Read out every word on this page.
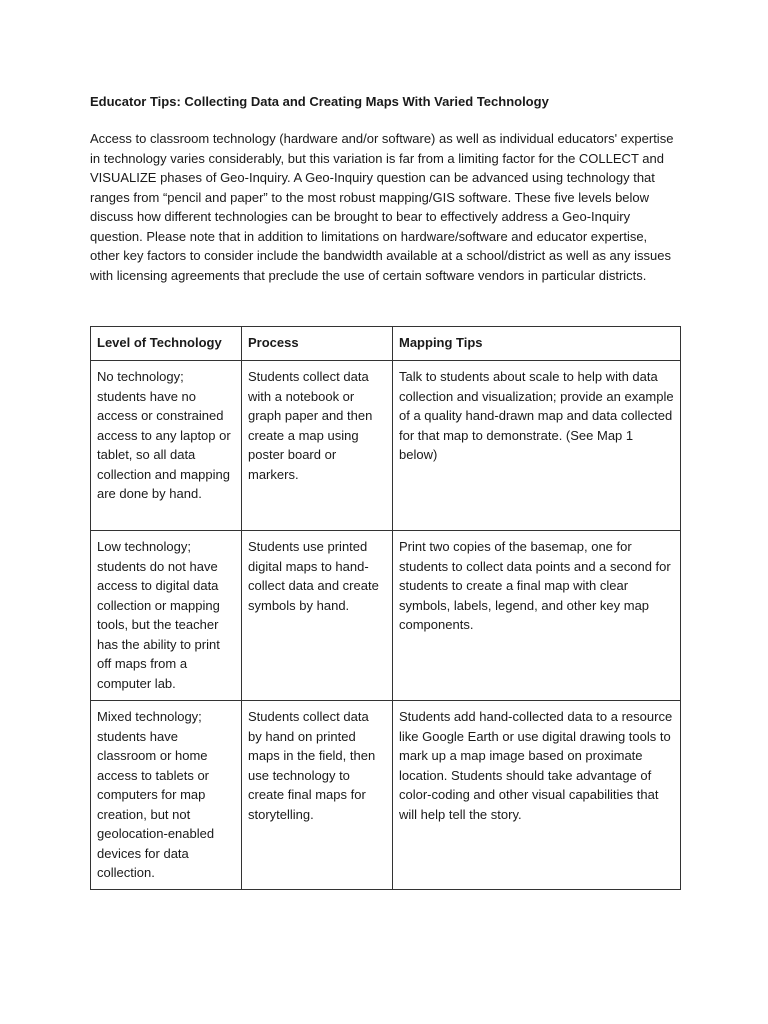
Educator Tips: Collecting Data and Creating Maps With Varied Technology

Access to classroom technology (hardware and/or software) as well as individual educators' expertise in technology varies considerably, but this variation is far from a limiting factor for the COLLECT and VISUALIZE phases of Geo-Inquiry. A Geo-Inquiry question can be advanced using technology that ranges from “pencil and paper” to the most robust mapping/GIS software. These five levels below discuss how different technologies can be brought to bear to effectively address a Geo-Inquiry question. Please note that in addition to limitations on hardware/software and educator expertise, other key factors to consider include the bandwidth available at a school/district as well as any issues with licensing agreements that preclude the use of certain software vendors in particular districts.

Level of Technology	Process	Mapping Tips
No technology; students have no access or constrained access to any laptop or tablet, so all data collection and mapping are done by hand.	Students collect data with a notebook or graph paper and then create a map using poster board or markers.	Talk to students about scale to help with data collection and visualization; provide an example of a quality hand-drawn map and data collected for that map to demonstrate. (See Map 1 below)
Low technology; students do not have access to digital data collection or mapping tools, but the teacher has the ability to print off maps from a computer lab.	Students use printed digital maps to hand-collect data and create symbols by hand.	Print two copies of the basemap, one for students to collect data points and a second for students to create a final map with clear symbols, labels, legend, and other key map components.
Mixed technology; students have classroom or home access to tablets or computers for map creation, but not geolocation-enabled devices for data collection.	Students collect data by hand on printed maps in the field, then use technology to create final maps for storytelling.	Students add hand-collected data to a resource like Google Earth or use digital drawing tools to mark up a map image based on proximate location. Students should take advantage of color-coding and other visual capabilities that will help tell the story.
